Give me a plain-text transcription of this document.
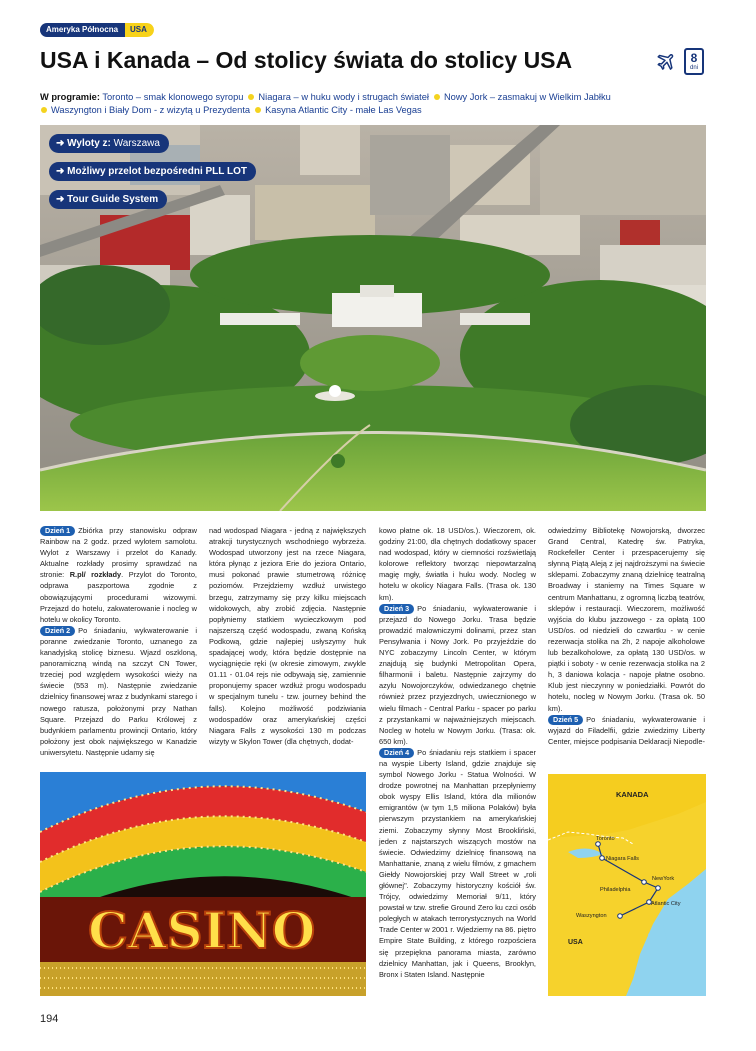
Ameryka Północna	USA
USA i Kanada – Od stolicy świata do stolicy USA	8
dni
W programie: Toronto – smak klonowego syropu Niagara – w huku wody i strugach świateł Nowy Jork – zasmakuj w Wielkim Jabłku
Waszyngton i Biały Dom - z wizytą u Prezydenta Kasyna Atlantic City - małe Las Vegas
➜ Wyloty z: Warszawa
➜ Możliwy przelot bezpośredni PLL LOT
➜ Tour Guide System

Dzień 1 Zbiórka przy stanowisku odpraw Rainbow na 2 godz. przed wylotem samolotu. Wylot z Warszawy i przelot do Kanady. Aktualne rozkłady prosimy sprawdzać na stronie: R.pl/ rozkłady. Przylot do Toronto, odprawa paszportowa zgodnie z obowiązującymi procedurami wizowymi. Przejazd do hotelu, zakwaterowanie i nocleg w hotelu w okolicy Toronto.

Dzień 2 Po śniadaniu, wykwaterowanie i poranne zwiedzanie Toronto, uznanego za kanadyjską stolicę biznesu. Wjazd oszkloną, panoramiczną windą na szczyt CN Tower, trzeciej pod względem wysokości wieży na świecie (553 m). Następnie zwiedzanie dzielnicy finansowej wraz z budynkami starego i nowego ratusza, położonymi przy Nathan Square. Przejazd do Parku Królowej z budynkiem parlamentu prowincji Ontario, który położony jest obok największego w Kanadzie uniwersytetu. Następnie udamy się

nad wodospad Niagara - jedną z największych atrakcji turystycznych wschodniego wybrzeża. Wodospad utworzony jest na rzece Niagara, która płynąc z jeziora Erie do jeziora Ontario, musi pokonać prawie stumetrową różnicę poziomów. Przejdziemy wzdłuż urwistego brzegu, zatrzymamy się przy kilku miejscach widokowych, aby zrobić zdjęcia. Następnie popłyniemy statkiem wycieczkowym pod najszerszą część wodospadu, zwaną Końską Podkową, gdzie najlepiej usłyszymy huk spadającej wody, która będzie dostępnie na wyciągnięcie ręki (w okresie zimowym, zwykle 01.11 - 01.04 rejs nie odbywają się, zamiennie proponujemy spacer wzdłuż progu wodospadu w specjalnym tunelu - tzw. journey behind the falls). Kolejno możliwość podziwiania wodospadów oraz amerykańskiej części Niagara Falls z wysokości 130 m podczas wizyty w Skylon Tower (dla chętnych, dodat-

kowo płatne ok. 18 USD/os.). Wieczorem, ok. godziny 21:00, dla chętnych dodatkowy spacer nad wodospad, który w ciemności rozświetlają kolorowe reflektory tworząc niepowtarzalną magię mgły, światła i huku wody. Nocleg w hotelu w okolicy Niagara Falls. (Trasa ok. 130 km).

Dzień 3 Po śniadaniu, wykwaterowanie i przejazd do Nowego Jorku. Trasa będzie prowadzić malowniczymi dolinami, przez stan Pensylwania i Nowy Jork. Po przyjeździe do NYC zobaczymy Lincoln Center, w którym znajdują się budynki Metropolitan Opera, filharmonii i baletu. Następnie zajrzymy do azylu Nowojorczyków, odwiedzanego chętnie również przez przyjezdnych, uwiecznionego w wielu filmach - Central Parku - spacer po parku z przystankami w najważniejszych miejscach. Nocleg w hotelu w Nowym Jorku. (Trasa: ok. 650 km).

Dzień 4 Po śniadaniu rejs statkiem i spacer na wyspie Liberty Island, gdzie znajduje się symbol Nowego Jorku - Statua Wolności. W drodze powrotnej na Manhattan przepłyniemy obok wyspy Ellis Island, która dla milionów emigrantów (w tym 1,5 miliona Polaków) była pierwszym przystankiem na amerykańskiej ziemi. Zobaczymy słynny Most Brookliński, jeden z najstarszych wiszących mostów na świecie. Odwiedzimy dzielnicę finansową na Manhattanie, znaną z wielu filmów, z gmachem Giełdy Nowojorskiej przy Wall Street w „roli głównej". Zobaczymy historyczny kościół św. Trójcy, odwiedzimy Memoriał 9/11, który powstał w tzw. strefie Ground Zero ku czci osób poległych w atakach terrorystycznych na World Trade Center w 2001 r. Wjedziemy na 86. piętro Empire State Building, z którego rozpościera się przepiękna panorama miasta, zarówno dzielnicy Manhattan, jak i Queens, Brooklyn, Bronx i Staten Island. Następnie

odwiedzimy Bibliotekę Nowojorską, dworzec Grand Central, Katedrę św. Patryka, Rockefeller Center i przespacerujemy się słynną Piątą Aleją z jej najdroższymi na świecie sklepami. Zobaczymy znaną dzielnicę teatralną Broadway i staniemy na Times Square w centrum Manhattanu, z ogromną liczbą teatrów, sklepów i restauracji. Wieczorem, możliwość wyjścia do klubu jazzowego - za opłatą 100 USD/os. od niedzieli do czwartku - w cenie rezerwacja stolika na 2h, 2 napoje alkoholowe lub bezalkoholowe, za opłatą 130 USD/os. w piątki i soboty - w cenie rezerwacja stolika na 2 h, 3 daniowa kolacja - napoje płatne osobno. Klub jest nieczynny w poniedziałki. Powrót do hotelu, nocleg w Nowym Jorku. (Trasa ok. 50 km).

Dzień 5 Po śniadaniu, wykwaterowanie i wyjazd do Filadelfii, gdzie zwiedzimy Liberty Center, miejsce podpisania Deklaracji Niepodle-

CASINO
KANADA
USA
Toronto
Niagara Falls
NewYork
Philadelphia
Atlantic City
Waszyngton
194
